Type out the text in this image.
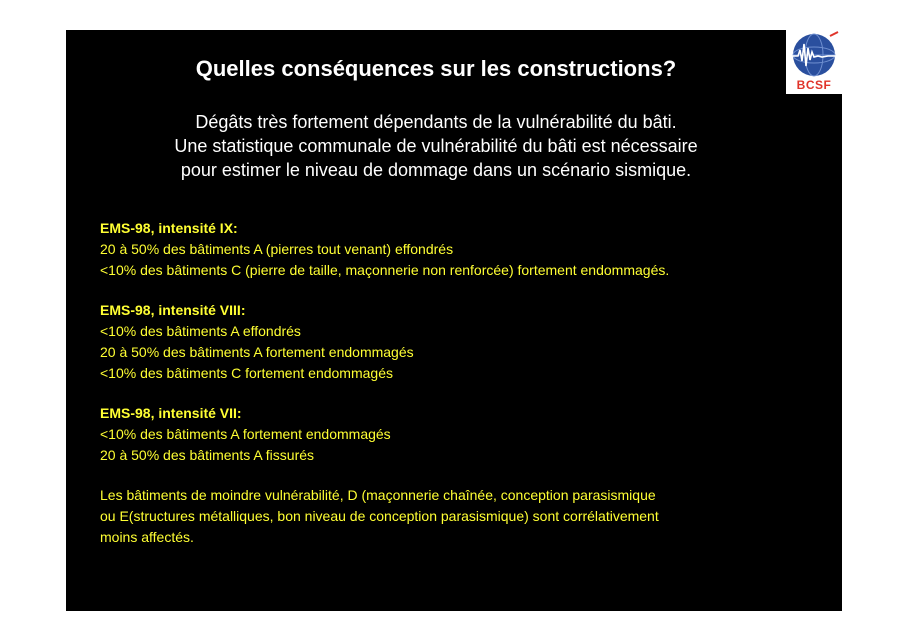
BCSF
Quelles conséquences sur les constructions?
Dégâts très fortement dépendants de la vulnérabilité du bâti.
Une statistique communale de vulnérabilité du bâti est nécessaire
pour estimer le niveau de dommage dans un scénario sismique.
EMS-98, intensité IX:
20 à 50% des bâtiments A (pierres tout venant) effondrés
<10% des bâtiments C (pierre de taille, maçonnerie non renforcée) fortement endommagés.
EMS-98, intensité VIII:
<10% des bâtiments A effondrés
20 à 50% des bâtiments A fortement endommagés
<10% des bâtiments C fortement endommagés
EMS-98, intensité VII:
<10% des bâtiments A fortement endommagés
20 à 50% des bâtiments A fissurés
Les bâtiments de moindre vulnérabilité, D (maçonnerie chaînée, conception parasismique
ou E(structures métalliques, bon niveau de conception parasismique) sont corrélativement
moins affectés.
